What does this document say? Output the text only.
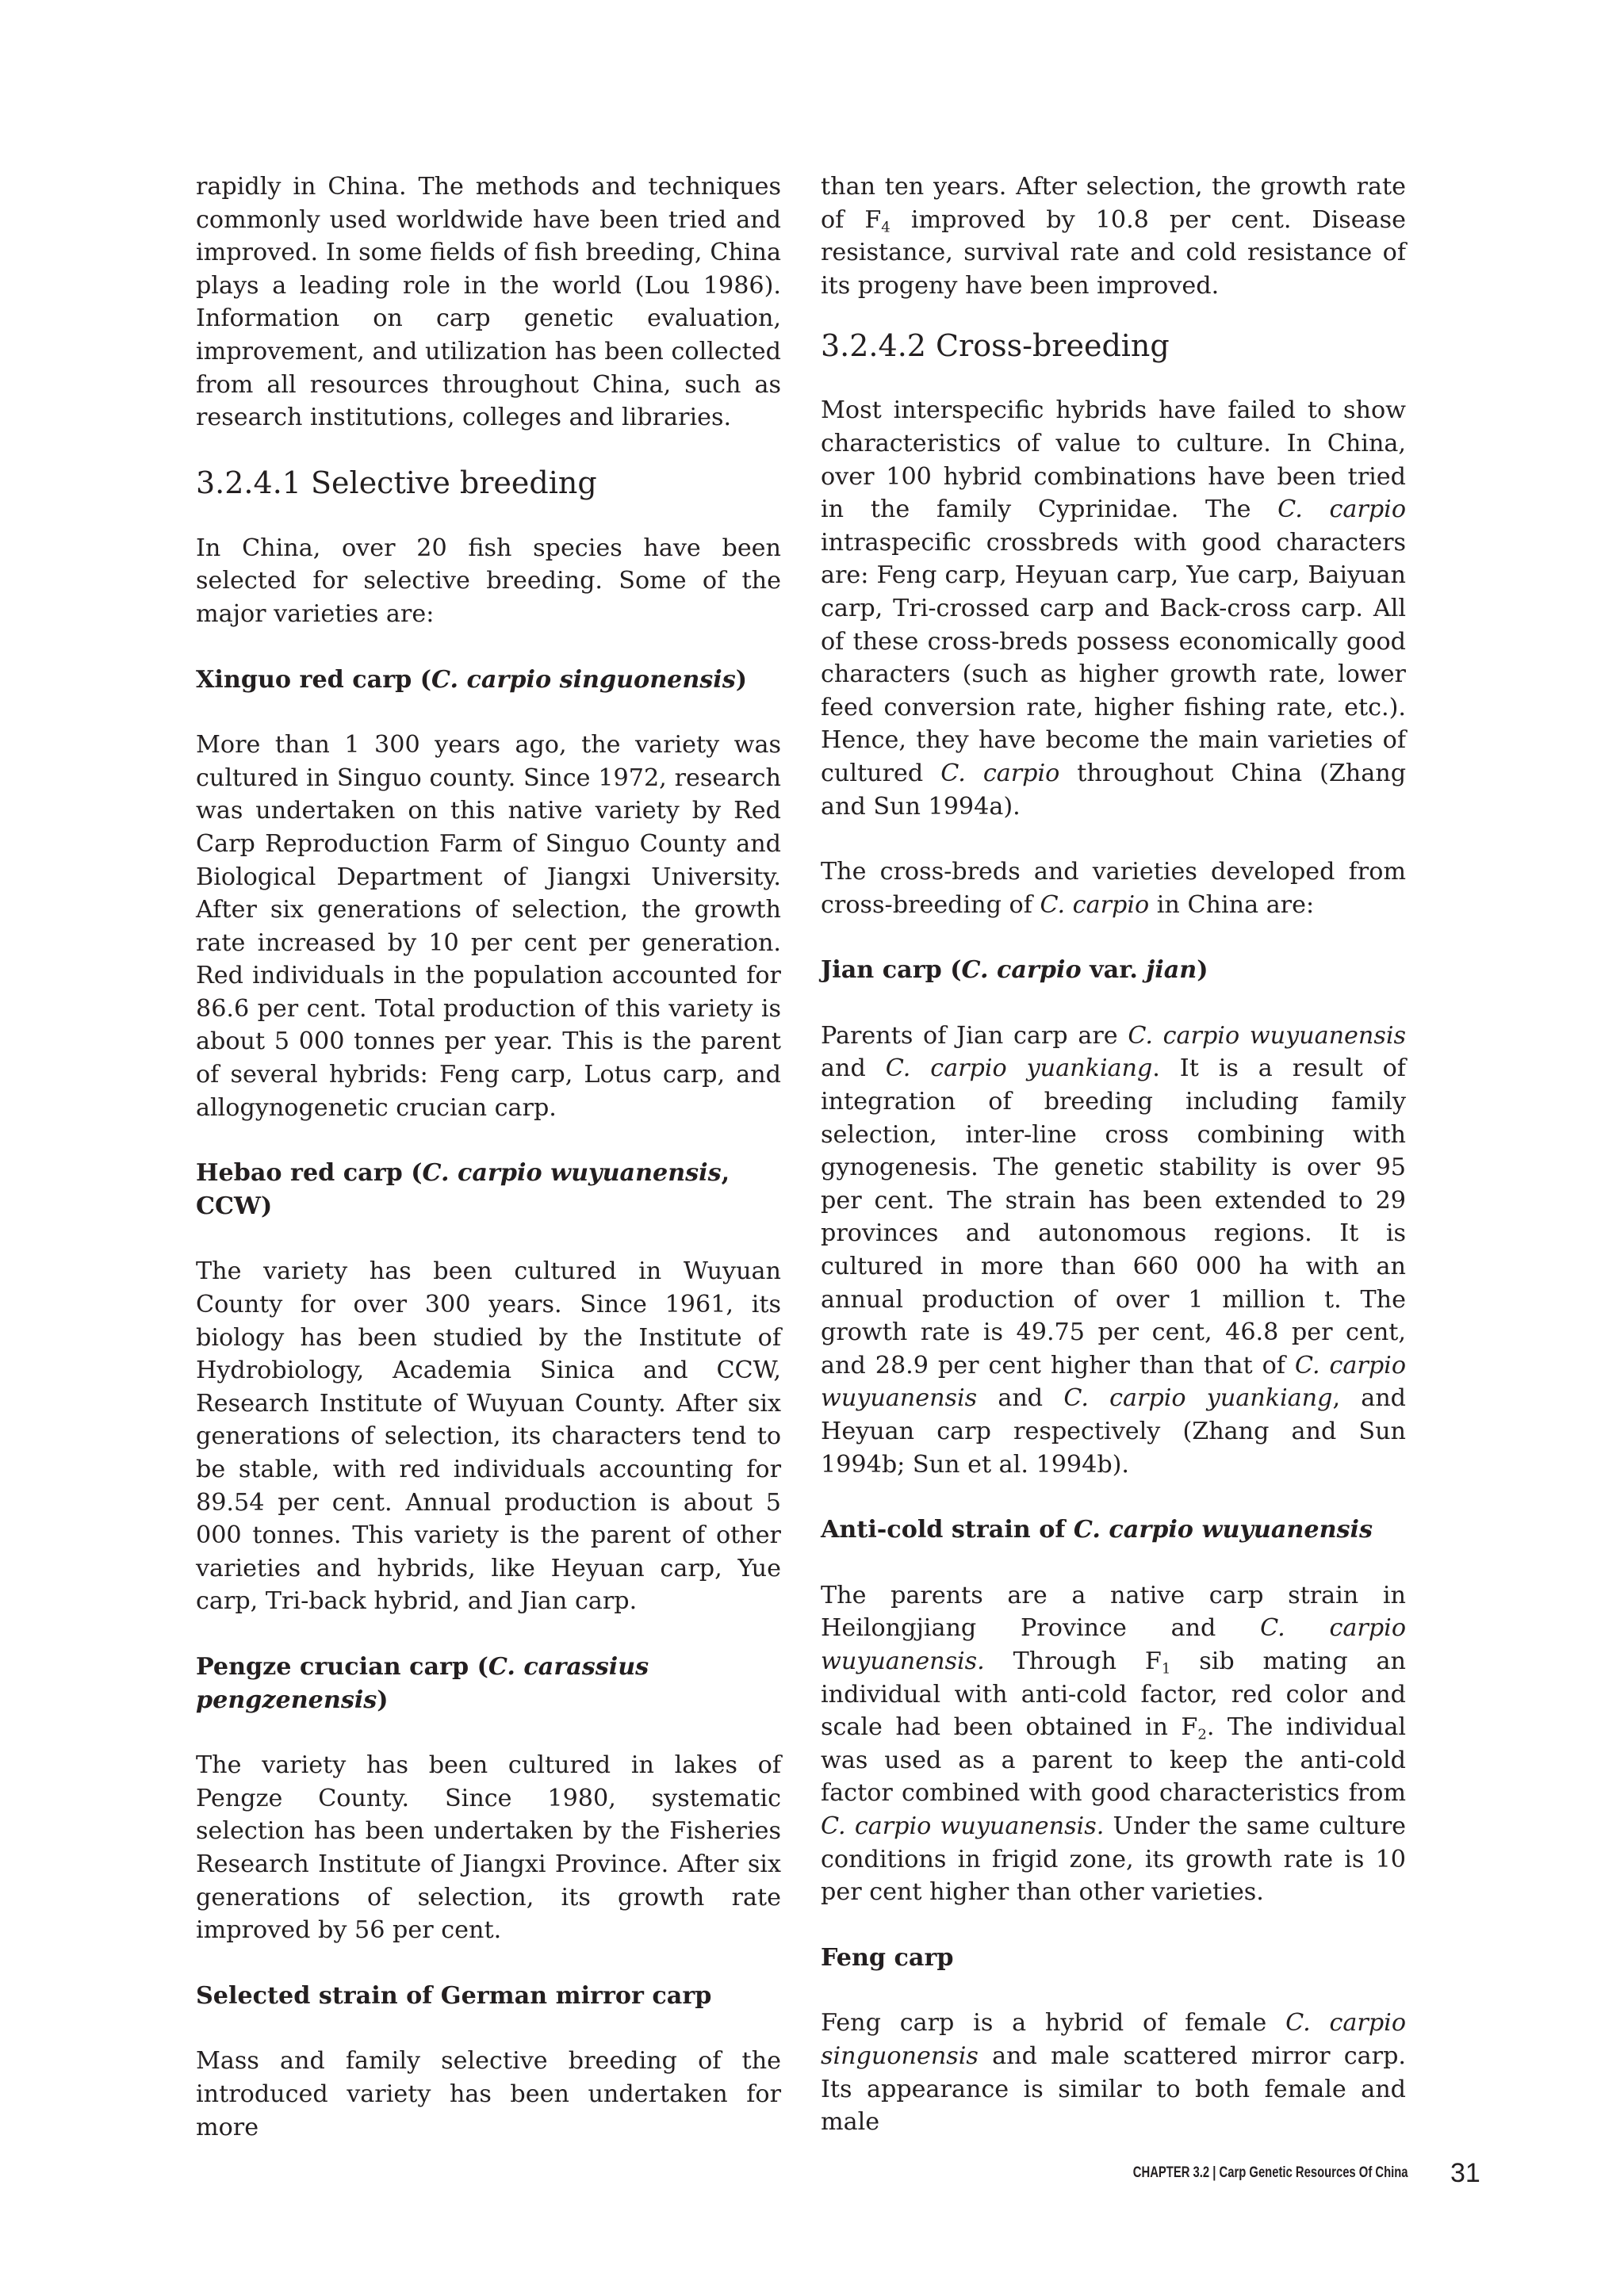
rapidly in China. The methods and techniques commonly used worldwide have been tried and improved. In some fields of fish breeding, China plays a leading role in the world (Lou 1986). Information on carp genetic evaluation, improvement, and utilization has been collected from all resources throughout China, such as research institutions, colleges and libraries.

3.2.4.1 Selective breeding

In China, over 20 fish species have been selected for selective breeding. Some of the major varieties are:

Xinguo red carp (C. carpio singuonensis)

More than 1 300 years ago, the variety was cultured in Singuo county. Since 1972, research was undertaken on this native variety by Red Carp Reproduction Farm of Singuo County and Biological Department of Jiangxi University. After six generations of selection, the growth rate increased by 10 per cent per generation. Red individuals in the population accounted for 86.6 per cent. Total production of this variety is about 5 000 tonnes per year. This is the parent of several hybrids: Feng carp, Lotus carp, and allogynogenetic crucian carp.

Hebao red carp (C. carpio wuyuanensis, CCW)

The variety has been cultured in Wuyuan County for over 300 years. Since 1961, its biology has been studied by the Institute of Hydrobiology, Academia Sinica and CCW, Research Institute of Wuyuan County. After six generations of selection, its characters tend to be stable, with red individuals accounting for 89.54 per cent. Annual production is about 5 000 tonnes. This variety is the parent of other varieties and hybrids, like Heyuan carp, Yue carp, Tri-back hybrid, and Jian carp.

Pengze crucian carp (C. carassius pengzenensis)

The variety has been cultured in lakes of Pengze County. Since 1980, systematic selection has been undertaken by the Fisheries Research Institute of Jiangxi Province. After six generations of selection, its growth rate improved by 56 per cent.

Selected strain of German mirror carp

Mass and family selective breeding of the introduced variety has been undertaken for more

than ten years. After selection, the growth rate of $F_4$ improved by 10.8 per cent. Disease resistance, survival rate and cold resistance of its progeny have been improved.

3.2.4.2 Cross-breeding

Most interspecific hybrids have failed to show characteristics of value to culture. In China, over 100 hybrid combinations have been tried in the family Cyprinidae. The C. carpio intraspecific crossbreds with good characters are: Feng carp, Heyuan carp, Yue carp, Baiyuan carp, Tri-crossed carp and Back-cross carp. All of these cross-breds possess economically good characters (such as higher growth rate, lower feed conversion rate, higher fishing rate, etc.). Hence, they have become the main varieties of cultured C. carpio throughout China (Zhang and Sun 1994a).

The cross-breds and varieties developed from cross-breeding of C. carpio in China are:

Jian carp (C. carpio var. jian)

Parents of Jian carp are C. carpio wuyuanensis and C. carpio yuankiang. It is a result of integration of breeding including family selection, inter-line cross combining with gynogenesis. The genetic stability is over 95 per cent. The strain has been extended to 29 provinces and autonomous regions. It is cultured in more than 660 000 ha with an annual production of over 1 million t. The growth rate is 49.75 per cent, 46.8 per cent, and 28.9 per cent higher than that of C. carpio wuyuanensis and C. carpio yuankiang, and Heyuan carp respectively (Zhang and Sun 1994b; Sun et al. 1994b).

Anti-cold strain of C. carpio wuyuanensis

The parents are a native carp strain in Heilongjiang Province and C. carpio wuyuanensis. Through $F_1$ sib mating an individual with anti-cold factor, red color and scale had been obtained in $F_2$. The individual was used as a parent to keep the anti-cold factor combined with good characteristics from C. carpio wuyuanensis. Under the same culture conditions in frigid zone, its growth rate is 10 per cent higher than other varieties.

Feng carp

Feng carp is a hybrid of female C. carpio singuonensis and male scattered mirror carp. Its appearance is similar to both female and male

CHAPTER 3.2 | Carp Genetic Resources Of China 31
